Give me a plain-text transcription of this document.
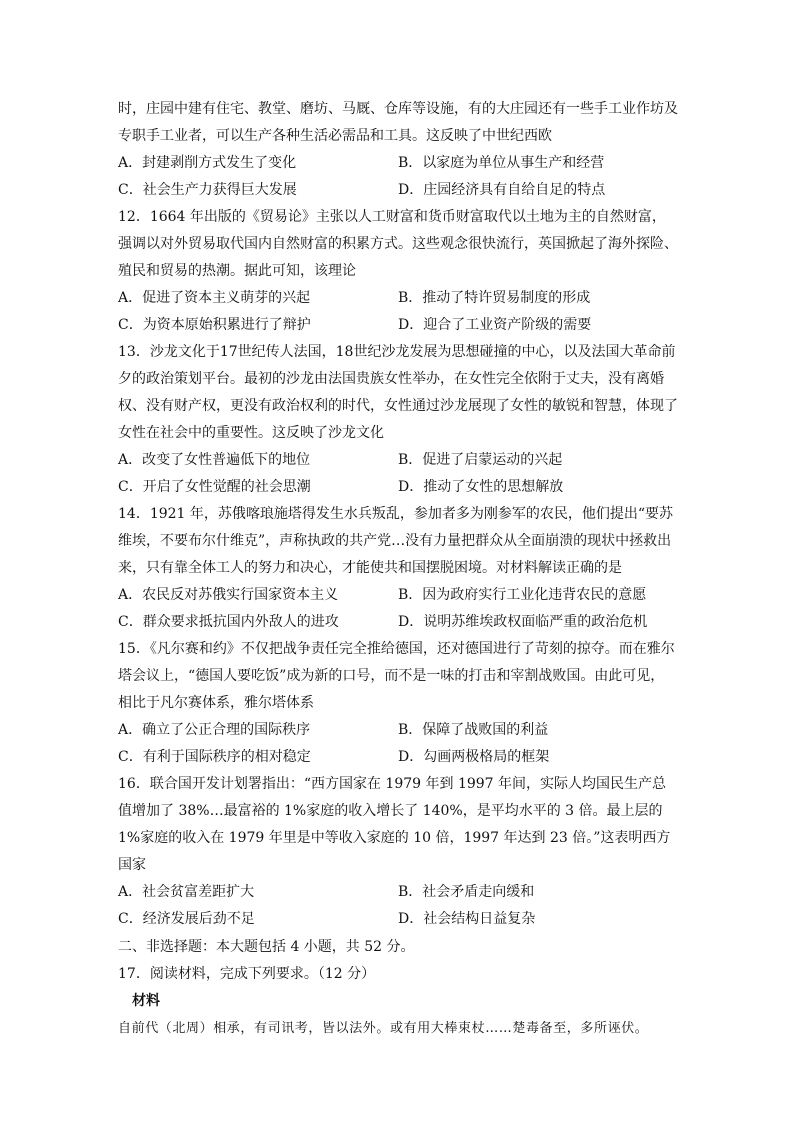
时，庄园中建有住宅、教堂、磨坊、马厩、仓库等设施，有的大庄园还有一些手工业作坊及专职手工业者，可以生产各种生活必需品和工具。这反映了中世纪西欧

A．封建剥削方式发生了变化	B．以家庭为单位从事生产和经营
C．社会生产力获得巨大发展	D．庄园经济具有自给自足的特点

12．1664 年出版的《贸易论》主张以人工财富和货币财富取代以土地为主的自然财富，强调以对外贸易取代国内自然财富的积累方式。这些观念很快流行，英国掀起了海外探险、殖民和贸易的热潮。据此可知，该理论

A．促进了资本主义萌芽的兴起	B．推动了特许贸易制度的形成
C．为资本原始积累进行了辩护	D．迎合了工业资产阶级的需要

13．沙龙文化于17世纪传人法国，18世纪沙龙发展为思想碰撞的中心，以及法国大革命前夕的政治策划平台。最初的沙龙由法国贵族女性举办，在女性完全依附于丈夫，没有离婚权、没有财产权，更没有政治权利的时代，女性通过沙龙展现了女性的敏锐和智慧，体现了女性在社会中的重要性。这反映了沙龙文化

A．改变了女性普遍低下的地位	B．促进了启蒙运动的兴起
C．开启了女性觉醒的社会思潮	D．推动了女性的思想解放

14．1921 年，苏俄喀琅施塔得发生水兵叛乱，参加者多为刚参军的农民，他们提出“要苏维埃，不要布尔什维克”，声称执政的共产党…没有力量把群众从全面崩溃的现状中拯救出来，只有靠全体工人的努力和决心，才能使共和国摆脱困境。对材料解读正确的是

A．农民反对苏俄实行国家资本主义	B．因为政府实行工业化违背农民的意愿
C．群众要求抵抗国内外敌人的进攻	D．说明苏维埃政权面临严重的政治危机

15．《凡尔赛和约》不仅把战争责任完全推给德国，还对德国进行了苛刻的掠夺。而在雅尔塔会议上，“德国人要吃饭”成为新的口号，而不是一味的打击和宰割战败国。由此可见，相比于凡尔赛体系，雅尔塔体系

A．确立了公正合理的国际秩序	B．保障了战败国的利益
C．有利于国际秩序的相对稳定	D．勾画两极格局的框架

16．联合国开发计划署指出：“西方国家在 1979 年到 1997 年间，实际人均国民生产总值增加了 38%…最富裕的 1%家庭的收入增长了 140%，是平均水平的 3 倍。最上层的 1%家庭的收入在 1979 年里是中等收入家庭的 10 倍，1997 年达到 23 倍。”这表明西方国家

A．社会贫富差距扩大	B．社会矛盾走向缓和
C．经济发展后劲不足	D．社会结构日益复杂

二、非选择题：本大题包括 4 小题，共 52 分。

17．阅读材料，完成下列要求。（12 分）

材料

自前代（北周）相承，有司讯考，皆以法外。或有用大棒束杖……楚毒备至，多所诬伏。
